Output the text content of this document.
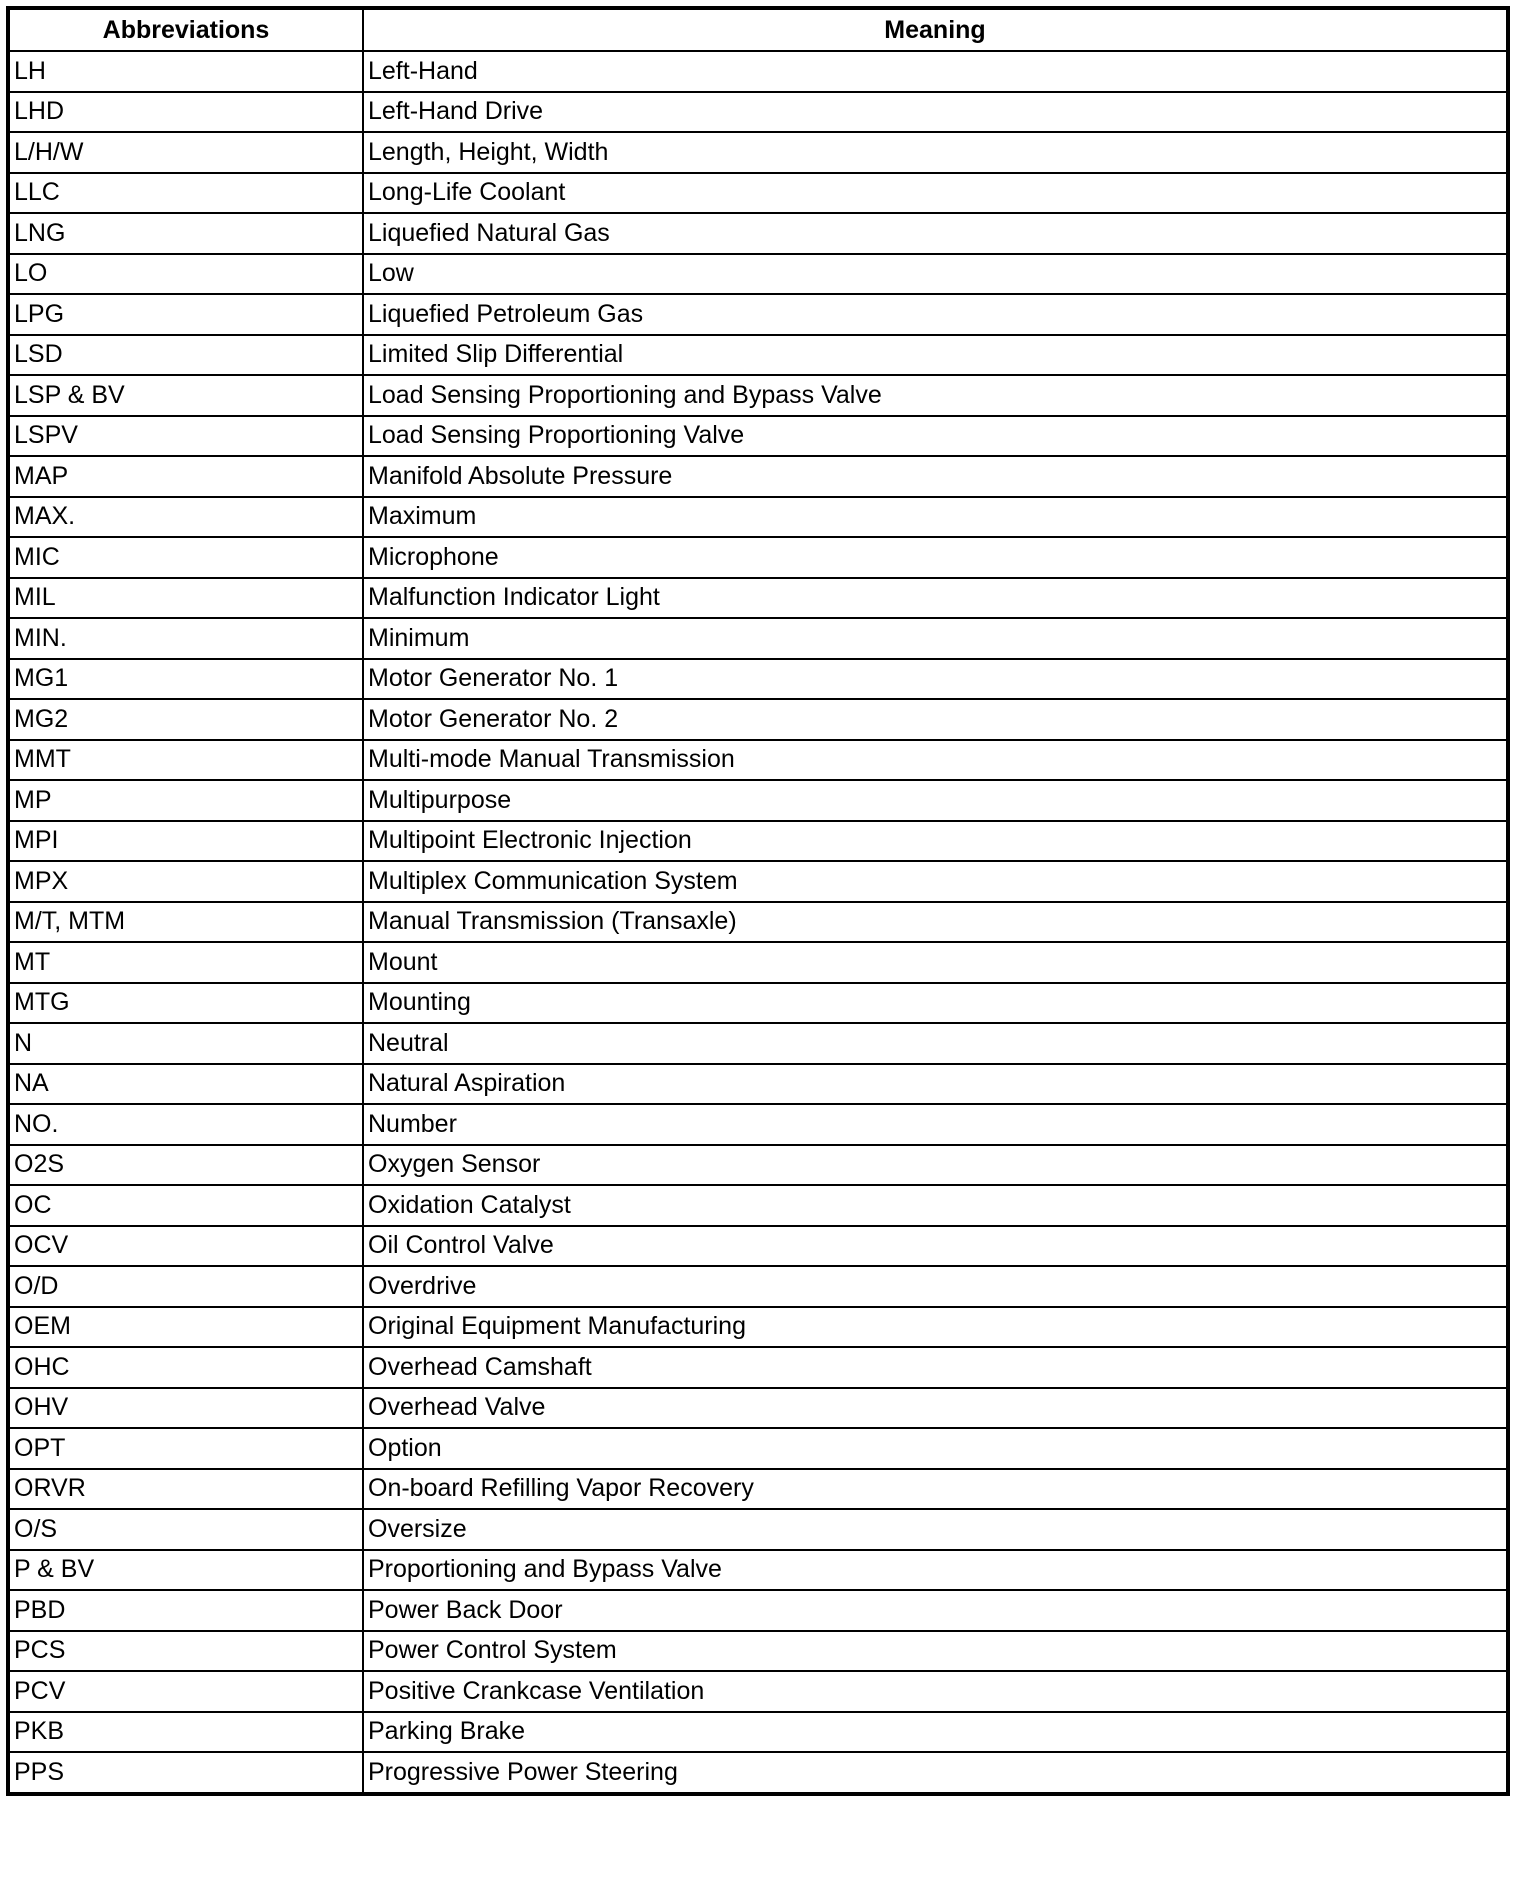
Abbreviations	Meaning
LH	Left-Hand
LHD	Left-Hand Drive
L/H/W	Length, Height, Width
LLC	Long-Life Coolant
LNG	Liquefied Natural Gas
LO	Low
LPG	Liquefied Petroleum Gas
LSD	Limited Slip Differential
LSP & BV	Load Sensing Proportioning and Bypass Valve
LSPV	Load Sensing Proportioning Valve
MAP	Manifold Absolute Pressure
MAX.	Maximum
MIC	Microphone
MIL	Malfunction Indicator Light
MIN.	Minimum
MG1	Motor Generator No. 1
MG2	Motor Generator No. 2
MMT	Multi-mode Manual Transmission
MP	Multipurpose
MPI	Multipoint Electronic Injection
MPX	Multiplex Communication System
M/T, MTM	Manual Transmission (Transaxle)
MT	Mount
MTG	Mounting
N	Neutral
NA	Natural Aspiration
NO.	Number
O2S	Oxygen Sensor
OC	Oxidation Catalyst
OCV	Oil Control Valve
O/D	Overdrive
OEM	Original Equipment Manufacturing
OHC	Overhead Camshaft
OHV	Overhead Valve
OPT	Option
ORVR	On-board Refilling Vapor Recovery
O/S	Oversize
P & BV	Proportioning and Bypass Valve
PBD	Power Back Door
PCS	Power Control System
PCV	Positive Crankcase Ventilation
PKB	Parking Brake
PPS	Progressive Power Steering
